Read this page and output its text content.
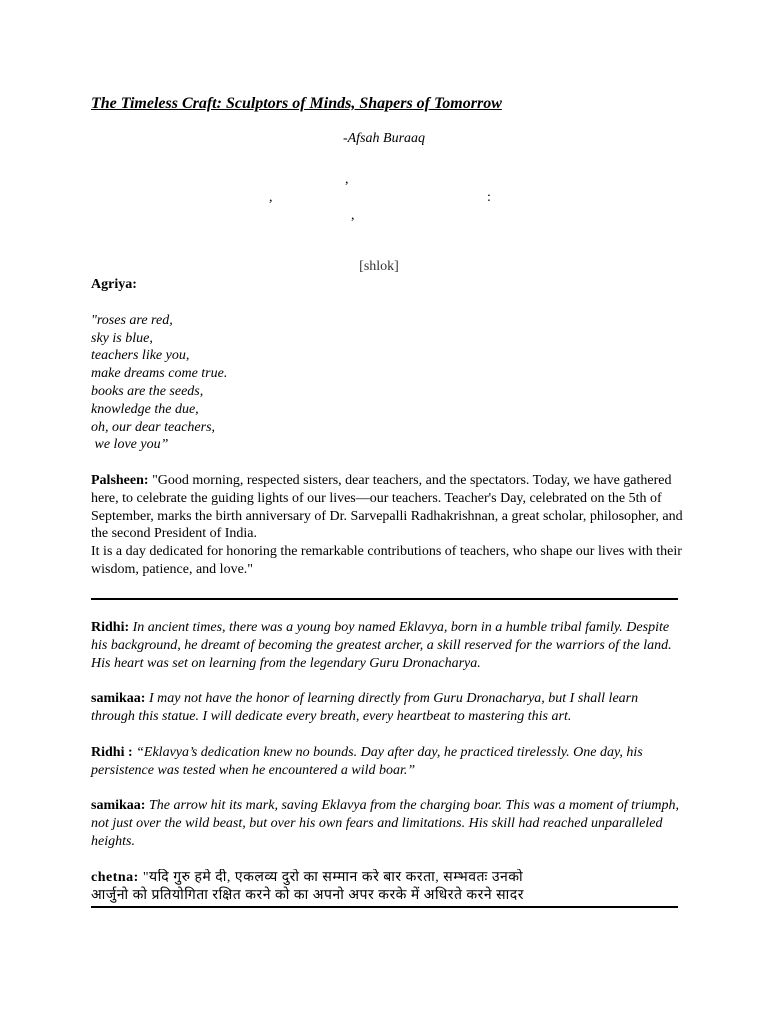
The Timeless Craft: Sculptors of Minds, Shapers of Tomorrow
-Afsah Buraaq
,
,	:
,
[shlok]
Agriya:
"roses are red,
sky is blue,
teachers like you,
make dreams come true.
books are the seeds,
knowledge the due,
oh, our dear teachers,
we love you”
Palsheen: "Good morning, respected sisters, dear teachers, and the spectators. Today, we have gathered here, to celebrate the guiding lights of our lives—our teachers. Teacher's Day, celebrated on the 5th of September, marks the birth anniversary of Dr. Sarvepalli Radhakrishnan, a great scholar, philosopher, and the second President of India.
It is a day dedicated for honoring the remarkable contributions of teachers, who shape our lives with their wisdom, patience, and love."
Ridhi: In ancient times, there was a young boy named Eklavya, born in a humble tribal family. Despite his background, he dreamt of becoming the greatest archer, a skill reserved for the warriors of the land. His heart was set on learning from the legendary Guru Dronacharya.
samikaa: I may not have the honor of learning directly from Guru Dronacharya, but I shall learn through this statue. I will dedicate every breath, every heartbeat to mastering this art.
Ridhi : “Eklavya’s dedication knew no bounds. Day after day, he practiced tirelessly. One day, his persistence was tested when he encountered a wild boar.”
samikaa: The arrow hit its mark, saving Eklavya from the charging boar. This was a moment of triumph, not just over the wild beast, but over his own fears and limitations. His skill had reached unparalleled heights.
chetna: "यदि गुरु हमे दी, एकलव्य दुरो का सम्मान करे बार करता, सम्भवतः उनको
आर्जुनो को प्रतियोगिता रक्षित करने को का अपनो अपर करके में अधिरते करने सादर
